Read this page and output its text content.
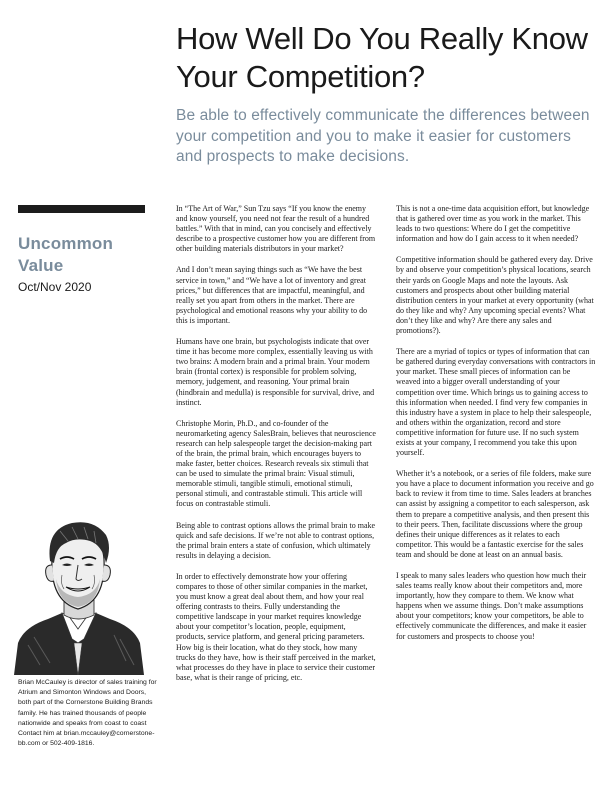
How Well Do You Really Know Your Competition?

Be able to effectively communicate the differences between your competition and you to make it easier for customers and prospects to make decisions.

Uncommon Value
Oct/Nov 2020

Brian McCauley is director of sales training for Atrium and Simonton Windows and Doors, both part of the Cornerstone Building Brands family. He has trained thousands of people nationwide and speaks from coast to coast Contact him at brian.mccauley@cornerstone-bb.com or 502-409-1816.

In “The Art of War,” Sun Tzu says “If you know the enemy and know yourself, you need not fear the result of a hundred battles.” With that in mind, can you concisely and effectively describe to a prospective customer how you are different from other building materials distributors in your market?

And I don’t mean saying things such as “We have the best service in town,” and “We have a lot of inventory and great prices,” but differences that are impactful, meaningful, and really set you apart from others in the market. There are psychological and emotional reasons why your ability to do this is important.

Humans have one brain, but psychologists indicate that over time it has become more complex, essentially leaving us with two brains: A modern brain and a primal brain. Your modern brain (frontal cortex) is responsible for problem solving, memory, judgement, and reasoning. Your primal brain (hindbrain and medulla) is responsible for survival, drive, and instinct.

Christophe Morin, Ph.D., and co-founder of the neuromarketing agency SalesBrain, believes that neuroscience research can help salespeople target the decision-making part of the brain, the primal brain, which encourages buyers to make faster, better choices. Research reveals six stimuli that can be used to simulate the primal brain: Visual stimuli, memorable stimuli, tangible stimuli, emotional stimuli, personal stimuli, and contrastable stimuli. This article will focus on contrastable stimuli.

Being able to contrast options allows the primal brain to make quick and safe decisions. If we’re not able to contrast options, the primal brain enters a state of confusion, which ultimately results in delaying a decision.

In order to effectively demonstrate how your offering compares to those of other similar companies in the market, you must know a great deal about them, and how your real offering contrasts to theirs. Fully understanding the competitive landscape in your market requires knowledge about your competitor’s location, people, equipment, products, service platform, and general pricing parameters. How big is their location, what do they stock, how many trucks do they have, how is their staff perceived in the market, what processes do they have in place to service their customer base, what is their range of pricing, etc.

This is not a one-time data acquisition effort, but knowledge that is gathered over time as you work in the market. This leads to two questions: Where do I get the competitive information and how do I gain access to it when needed?

Competitive information should be gathered every day. Drive by and observe your competition’s physical locations, search their yards on Google Maps and note the layouts. Ask customers and prospects about other building material distribution centers in your market at every opportunity (what do they like and why? Any upcoming special events? What don’t they like and why? Are there any sales and promotions?).

There are a myriad of topics or types of information that can be gathered during everyday conversations with contractors in your market. These small pieces of information can be weaved into a bigger overall understanding of your competition over time. Which brings us to gaining access to this information when needed. I find very few companies in this industry have a system in place to help their salespeople, and others within the organization, record and store competitive information for future use. If no such system exists at your company, I recommend you take this upon yourself.

Whether it’s a notebook, or a series of file folders, make sure you have a place to document information you receive and go back to review it from time to time. Sales leaders at branches can assist by assigning a competitor to each salesperson, ask them to prepare a competitive analysis, and then present this to their peers. Then, facilitate discussions where the group defines their unique differences as it relates to each competitor. This would be a fantastic exercise for the sales team and should be done at least on an annual basis.

I speak to many sales leaders who question how much their sales teams really know about their competitors and, more importantly, how they compare to them. We know what happens when we assume things. Don’t make assumptions about your competitors; know your competitors, be able to effectively communicate the differences, and make it easier for customers and prospects to choose you!
